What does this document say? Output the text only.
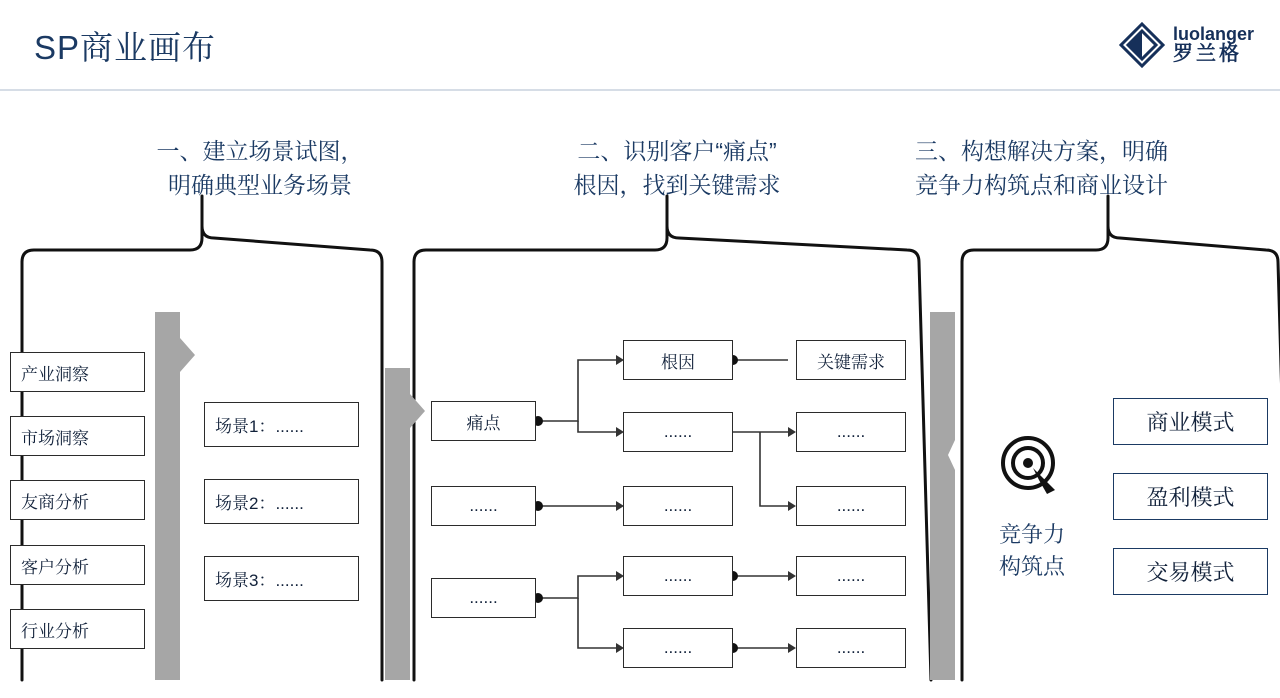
SP商业画布	luolanger
罗兰格
一、建立场景试图，
明确典型业务场景
二、识别客户“痛点”
根因，找到关键需求
三、构想解决方案，明确
竞争力构筑点和商业设计
产业洞察
市场洞察
友商分析
客户分析
行业分析
场景1：......
场景2：......
场景3：......
痛点
......
......
根因
......
......
......
......
关键需求
......
......
......
......
竞争力
构筑点
商业模式
盈利模式
交易模式
